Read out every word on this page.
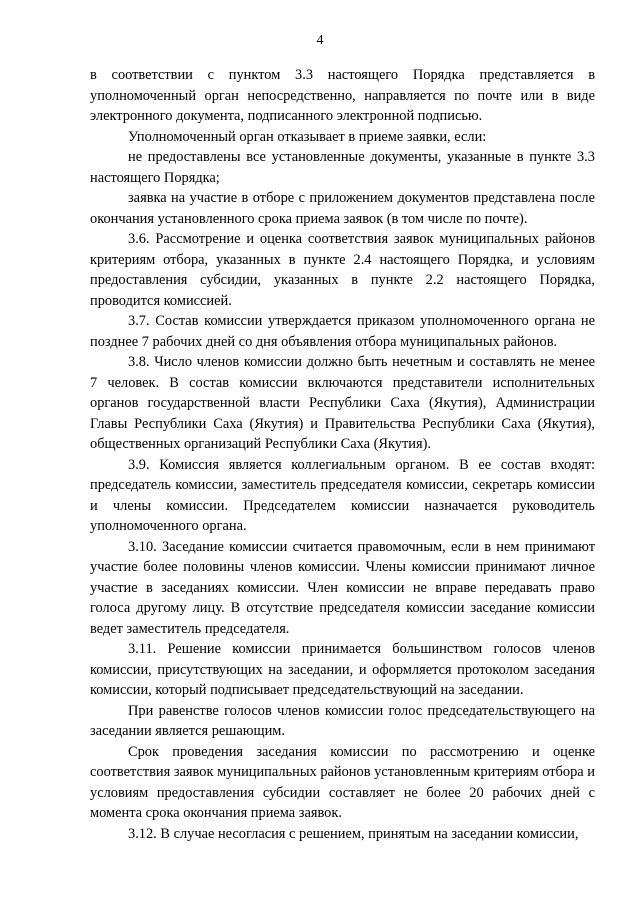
4

в соответствии с пунктом 3.3 настоящего Порядка представляется в уполномоченный орган непосредственно, направляется по почте или в виде электронного документа, подписанного электронной подписью.

Уполномоченный орган отказывает в приеме заявки, если:

не предоставлены все установленные документы, указанные в пункте 3.3 настоящего Порядка;

заявка на участие в отборе с приложением документов представлена после окончания установленного срока приема заявок (в том числе по почте).

3.6. Рассмотрение и оценка соответствия заявок муниципальных районов критериям отбора, указанных в пункте 2.4 настоящего Порядка, и условиям предоставления субсидии, указанных в пункте 2.2 настоящего Порядка, проводится комиссией.

3.7. Состав комиссии утверждается приказом уполномоченного органа не позднее 7 рабочих дней со дня объявления отбора муниципальных районов.

3.8. Число членов комиссии должно быть нечетным и составлять не менее 7 человек. В состав комиссии включаются представители исполнительных органов государственной власти Республики Саха (Якутия), Администрации Главы Республики Саха (Якутия) и Правительства Республики Саха (Якутия), общественных организаций Республики Саха (Якутия).

3.9. Комиссия является коллегиальным органом. В ее состав входят: председатель комиссии, заместитель председателя комиссии, секретарь комиссии и члены комиссии. Председателем комиссии назначается руководитель уполномоченного органа.

3.10. Заседание комиссии считается правомочным, если в нем принимают участие более половины членов комиссии. Члены комиссии принимают личное участие в заседаниях комиссии. Член комиссии не вправе передавать право голоса другому лицу. В отсутствие председателя комиссии заседание комиссии ведет заместитель председателя.

3.11. Решение комиссии принимается большинством голосов членов комиссии, присутствующих на заседании, и оформляется протоколом заседания комиссии, который подписывает председательствующий на заседании.

При равенстве голосов членов комиссии голос председательствующего на заседании является решающим.

Срок проведения заседания комиссии по рассмотрению и оценке соответствия заявок муниципальных районов установленным критериям отбора и условиям предоставления субсидии составляет не более 20 рабочих дней с момента срока окончания приема заявок.

3.12. В случае несогласия с решением, принятым на заседании комиссии,
